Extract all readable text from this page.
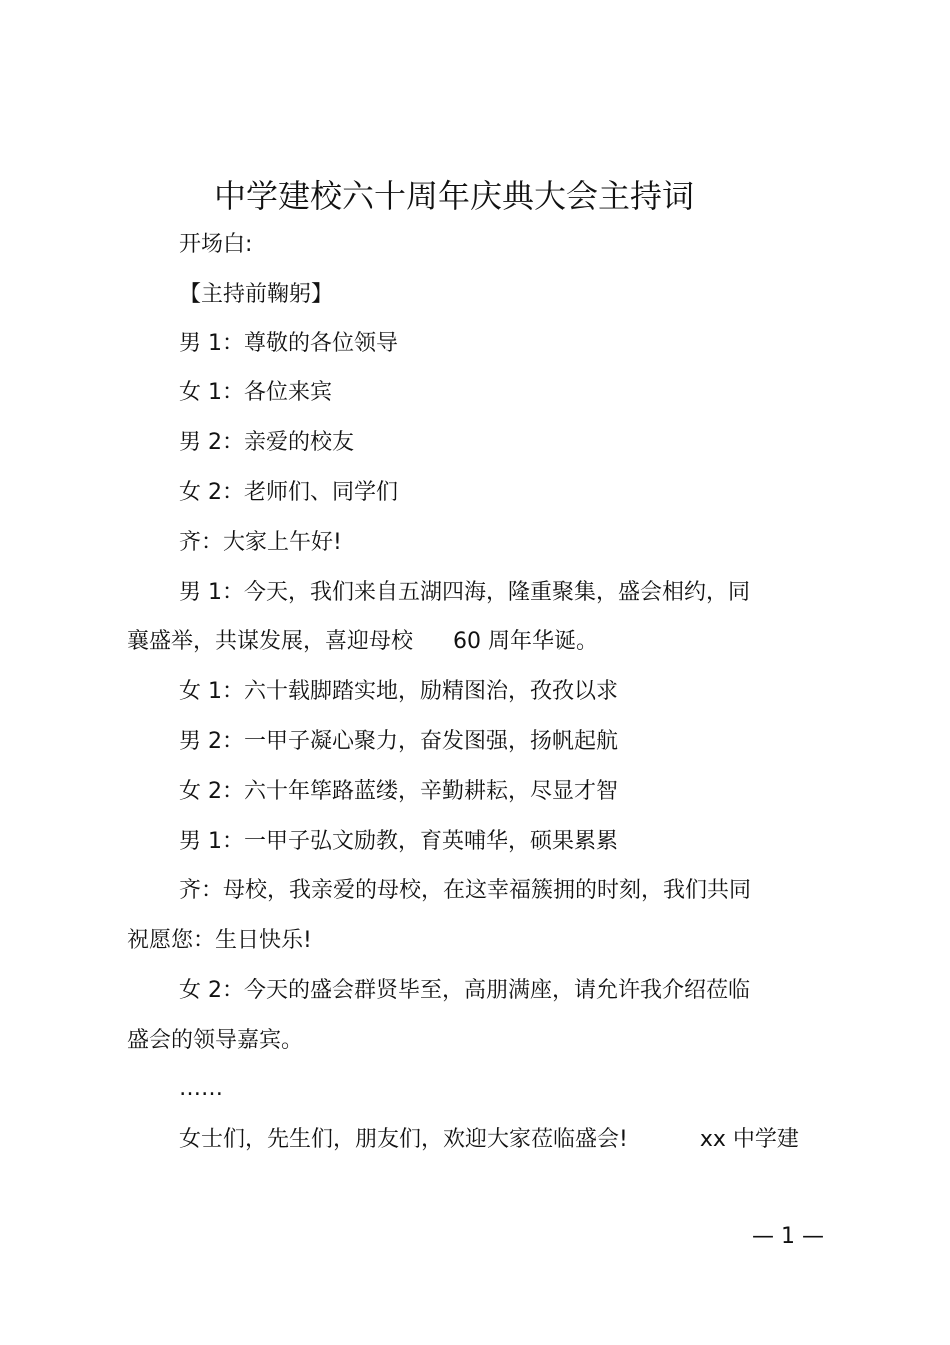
中学建校六十周年庆典大会主持词
开场白:
【主持前鞠躬】
男 1：尊敬的各位领导
女 1：各位来宾
男 2：亲爱的校友
女 2：老师们、同学们
齐：大家上午好!
男 1：今天，我们来自五湖四海，隆重聚集，盛会相约，同
襄盛举，共谋发展，喜迎母校 60 周年华诞。
女 1：六十载脚踏实地，励精图治，孜孜以求
男 2：一甲子凝心聚力，奋发图强，扬帆起航
女 2：六十年筚路蓝缕，辛勤耕耘，尽显才智
男 1：一甲子弘文励教，育英哺华，硕果累累
齐：母校，我亲爱的母校，在这幸福簇拥的时刻，我们共同
祝愿您：生日快乐!
女 2：今天的盛会群贤毕至，高朋满座，请允许我介绍莅临
盛会的领导嘉宾。
……
女士们，先生们，朋友们，欢迎大家莅临盛会!	xx 中学建
— 1 —
